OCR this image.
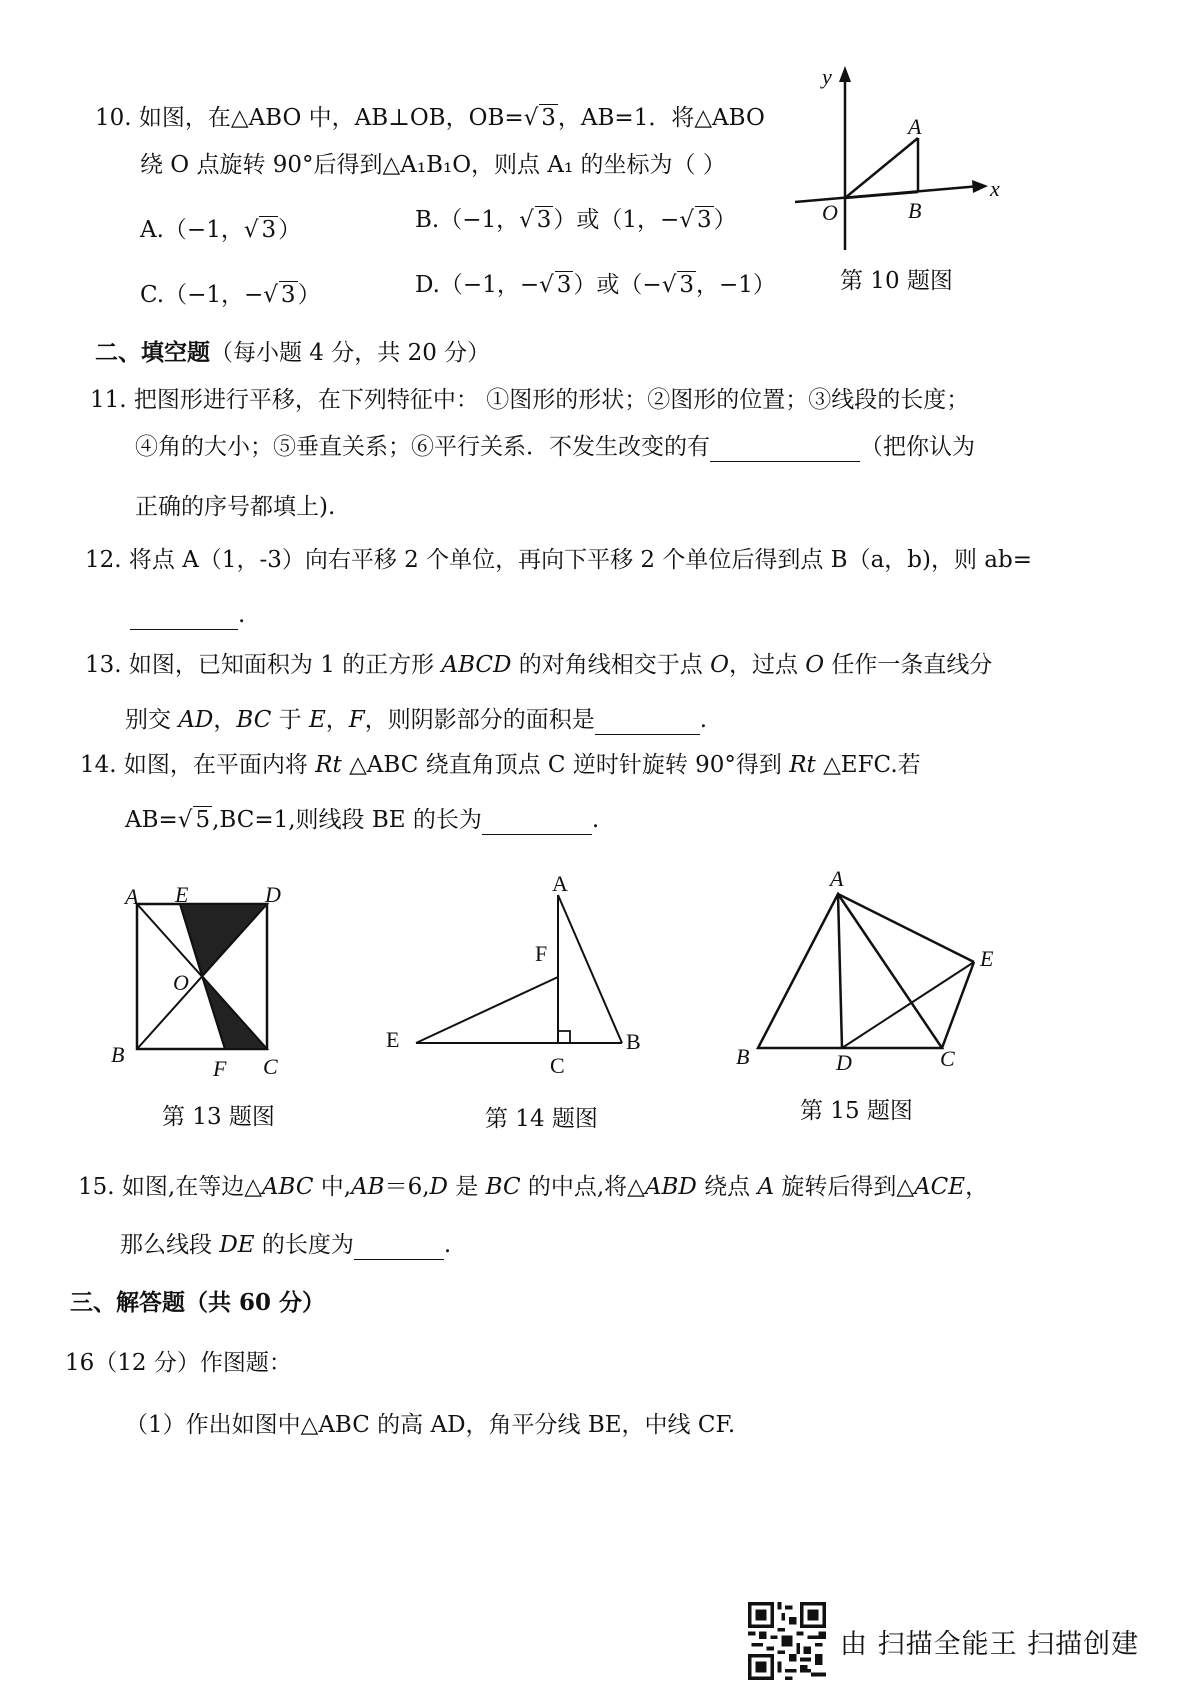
10. 如图，在△ABO 中，AB⊥OB，OB=√ 3，AB=1．将△ABO
绕 O 点旋转 90°后得到△A₁B₁O，则点 A₁ 的坐标为（ ）
A.（−1，√ 3）	B.（−1，√ 3）或（1，−√ 3）
C.（−1，−√ 3）	D.（−1，−√ 3）或（−√ 3，−1）
y
x
A
O	B
第 10 题图
二、填空题（每小题 4 分，共 20 分）
11. 把图形进行平移，在下列特征中： ①图形的形状；②图形的位置；③线段的长度；
④角的大小；⑤垂直关系；⑥平行关系．不发生改变的有	（把你认为
正确的序号都填上).
12. 将点 A（1，-3）向右平移 2 个单位，再向下平移 2 个单位后得到点 B（a，b)，则 ab=
.
13. 如图，已知面积为 1 的正方形 ABCD 的对角线相交于点 O，过点 O 任作一条直线分
别交 AD，BC 于 E，F，则阴影部分的面积是	.
14. 如图，在平面内将 Rt △ABC 绕直角顶点 C 逆时针旋转 90°得到 Rt △EFC.若
AB=√ 5,BC=1,则线段 BE 的长为	.
A E	D
O
B
F C
第 13 题图
A
F
E
C
B
第 14 题图
A
E
B	D	C
第 15 题图
15. 如图,在等边△ABC 中,AB＝6,D 是 BC 的中点,将△ABD 绕点 A 旋转后得到△ACE，
那么线段 DE 的长度为	.
三、解答题（共 60 分）
16（12 分）作图题：
（1）作出如图中△ABC 的高 AD，角平分线 BE，中线 CF.
由 扫描全能王 扫描创建
